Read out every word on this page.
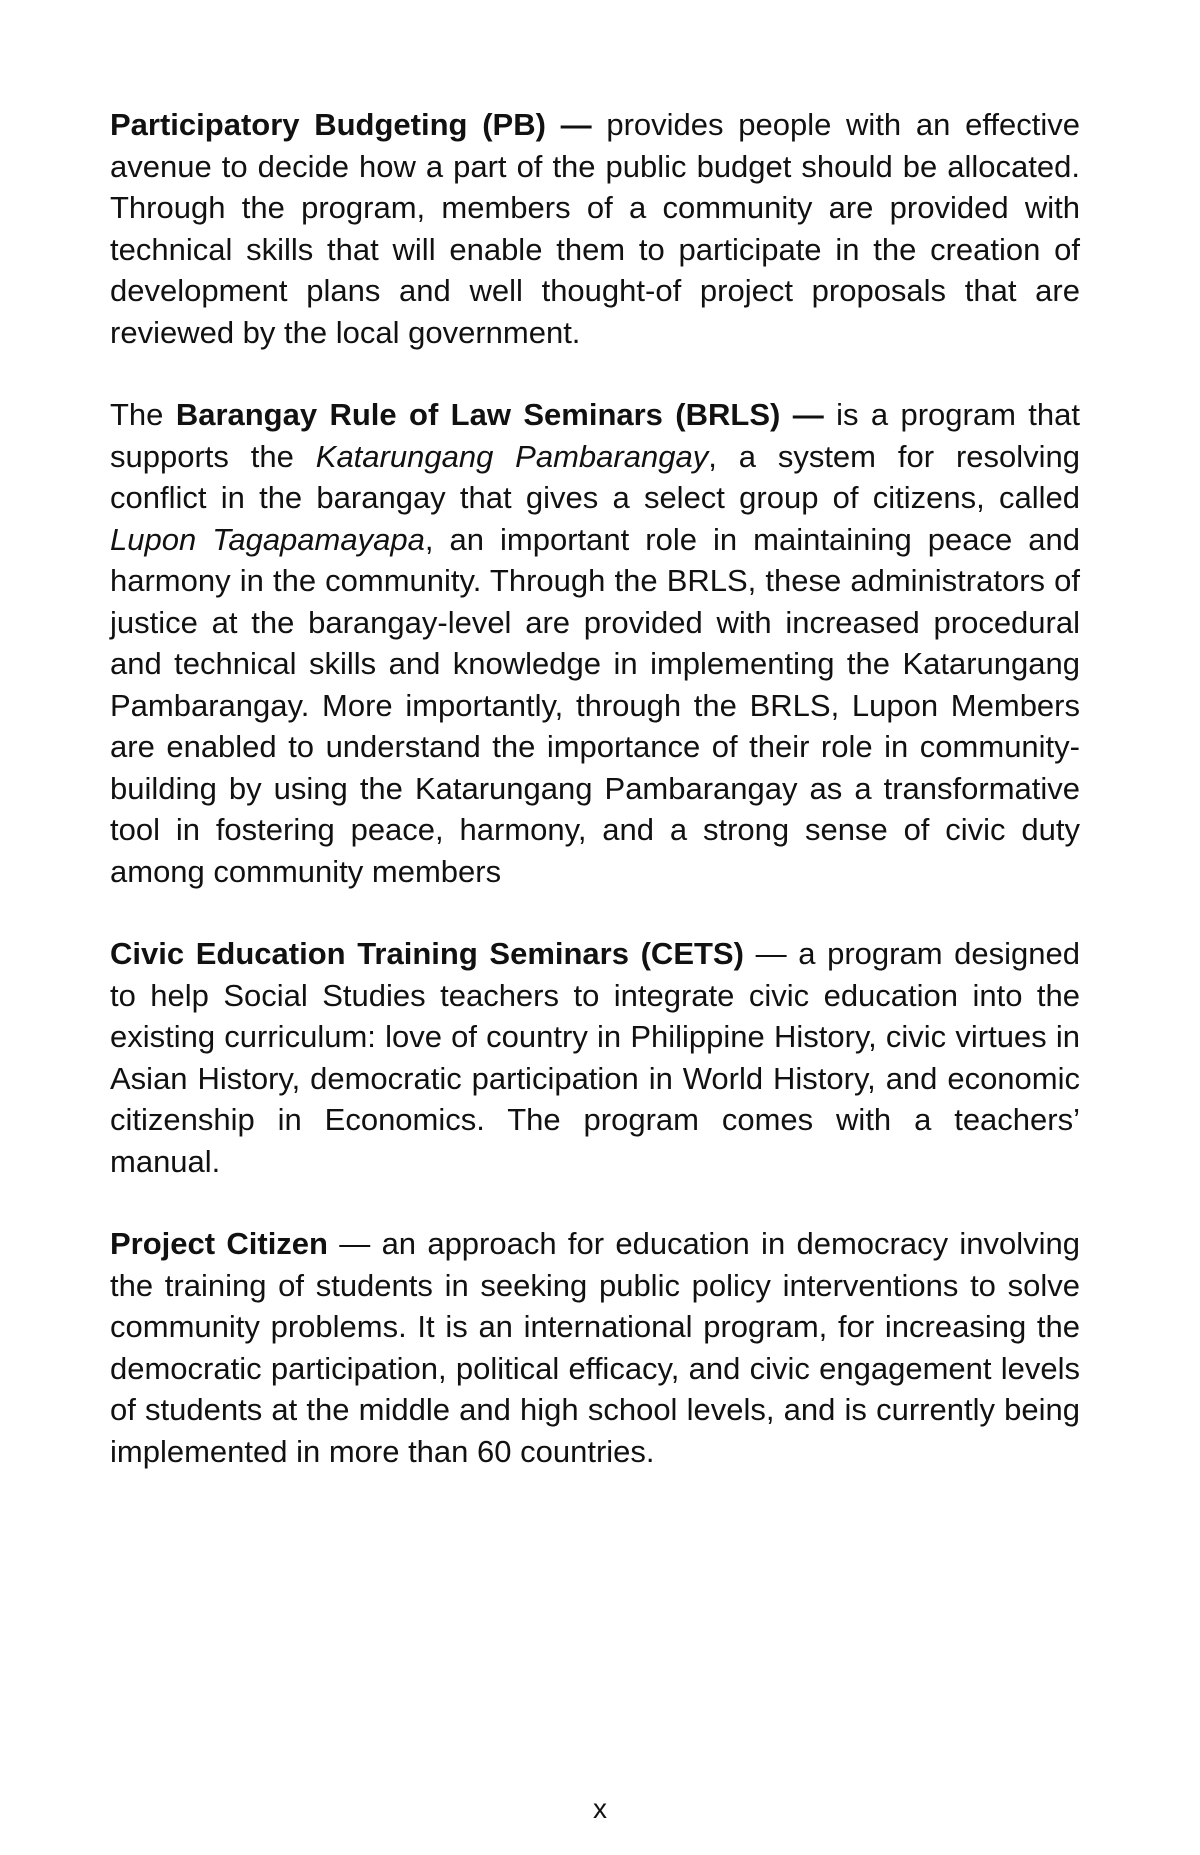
Participatory Budgeting (PB) — provides people with an effective avenue to decide how a part of the public budget should be allocated. Through the program, members of a community are provided with technical skills that will enable them to participate in the creation of development plans and well thought-of project proposals that are reviewed by the local government.

The Barangay Rule of Law Seminars (BRLS) — is a program that supports the Katarungang Pambarangay, a system for resolving conflict in the barangay that gives a select group of citizens, called Lupon Tagapamayapa, an important role in maintaining peace and harmony in the community. Through the BRLS, these administrators of justice at the barangay-level are provided with increased procedural and technical skills and knowledge in implementing the Katarungang Pambarangay. More importantly, through the BRLS, Lupon Members are enabled to understand the importance of their role in community-building by using the Katarungang Pambarangay as a transformative tool in fostering peace, harmony, and a strong sense of civic duty among community members

Civic Education Training Seminars (CETS) — a program designed to help Social Studies teachers to integrate civic education into the existing curriculum: love of country in Philippine History, civic virtues in Asian History, democratic participation in World History, and economic citizenship in Economics. The program comes with a teachers’ manual.

Project Citizen — an approach for education in democracy involving the training of students in seeking public policy interventions to solve community problems. It is an international program, for increasing the democratic participation, political efficacy, and civic engagement levels of students at the middle and high school levels, and is currently being implemented in more than 60 countries.

x
